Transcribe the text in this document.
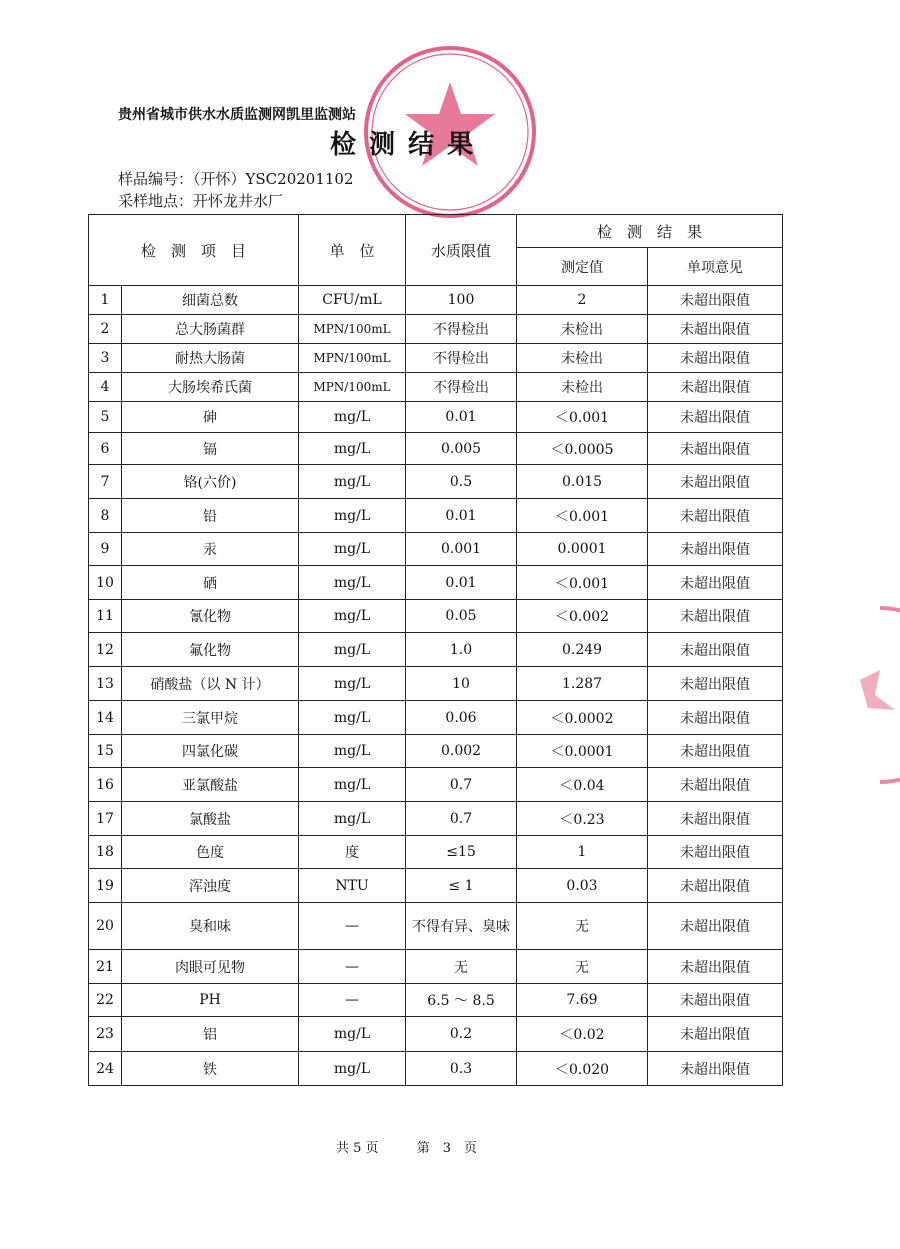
贵州省城市供水水质监测网凯里监测站
检 测 结 果
样品编号：（开怀）YSC20201102
采样地点：开怀龙井水厂
检　测　项　目		单　位	水质限值	检　测　结　果	
				测定值	单项意见
1	细菌总数	CFU/mL	100	2	未超出限值
2	总大肠菌群	MPN/100mL	不得检出	未检出	未超出限值
3	耐热大肠菌	MPN/100mL	不得检出	未检出	未超出限值
4	大肠埃希氏菌	MPN/100mL	不得检出	未检出	未超出限值
5	砷	mg/L	0.01	＜0.001	未超出限值
6	镉	mg/L	0.005	＜0.0005	未超出限值
7	铬(六价)	mg/L	0.5	0.015	未超出限值
8	铅	mg/L	0.01	＜0.001	未超出限值
9	汞	mg/L	0.001	0.0001	未超出限值
10	硒	mg/L	0.01	＜0.001	未超出限值
11	氰化物	mg/L	0.05	＜0.002	未超出限值
12	氟化物	mg/L	1.0	0.249	未超出限值
13	硝酸盐（以 N 计）	mg/L	10	1.287	未超出限值
14	三氯甲烷	mg/L	0.06	＜0.0002	未超出限值
15	四氯化碳	mg/L	0.002	＜0.0001	未超出限值
16	亚氯酸盐	mg/L	0.7	＜0.04	未超出限值
17	氯酸盐	mg/L	0.7	＜0.23	未超出限值
18	色度	度	≤15	1	未超出限值
19	浑浊度	NTU	≤ 1	0.03	未超出限值
20	臭和味	—	不得有异、臭味	无	未超出限值
21	肉眼可见物	—	无	无	未超出限值
22	PH	—	6.5 ～ 8.5	7.69	未超出限值
23	铝	mg/L	0.2	＜0.02	未超出限值
24	铁	mg/L	0.3	＜0.020	未超出限值
共 5 页	第　3　页
